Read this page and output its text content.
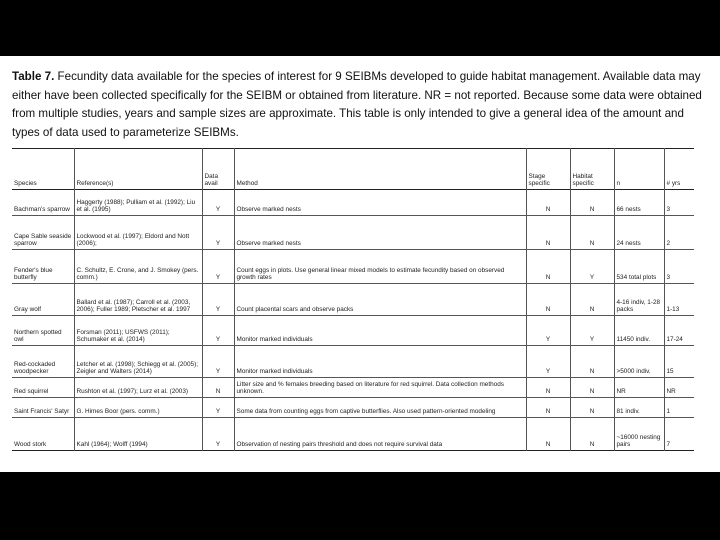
Table 7. Fecundity data available for the species of interest for 9 SEIBMs developed to guide habitat management. Available data may either have been collected specifically for the SEIBM or obtained from literature. NR = not reported. Because some data were obtained from multiple studies, years and sample sizes are approximate. This table is only intended to give a general idea of the amount and types of data used to parameterize SEIBMs.
Species	Reference(s)	Data avail	Method	Stage specific	Habitat specific	n	# yrs
Bachman's sparrow	Haggerty (1988); Pulliam et al. (1992); Liu et al. (1995)	Y	Observe marked nests	N	N	66 nests	3
Cape Sable seaside sparrow	Lockwood et al. (1997); Eldord and Nott (2006);	Y	Observe marked nests	N	N	24 nests	2
Fender's blue butterfly	C. Schultz, E. Crone, and J. Smokey (pers. comm.)	Y	Count eggs in plots. Use general linear mixed models to estimate fecundity based on observed growth rates	N	Y	534 total plots	3
Gray wolf	Ballard et al. (1987); Carroll et al. (2003, 2006); Fuller 1989; Pletscher et al. 1997	Y	Count placental scars and observe packs	N	N	4-16 indiv, 1-28 packs	1-13
Northern spotted owl	Forsman (2011); USFWS (2011); Schumaker et al. (2014)	Y	Monitor marked individuals	Y	Y	11450 indiv.	17-24
Red-cockaded woodpecker	Letcher et al. (1998); Schiegg et al. (2005); Zeigler and Walters (2014)	Y	Monitor marked individuals	Y	N	>5000 indiv.	15
Red squirrel	Rushton et al. (1997); Lurz et al. (2003)	N	Litter size and % females breeding based on literature for red squirrel. Data collection methods unknown.	N	N	NR	NR
Saint Francis' Satyr	G. Himes Boor (pers. comm.)	Y	Some data from counting eggs from captive butterflies. Also used pattern-oriented modeling	N	N	81 indiv.	1
Wood stork	Kahl (1964); Wolff (1994)	Y	Observation of nesting pairs threshold and does not require survival data	N	N	~16000 nesting pairs	7
